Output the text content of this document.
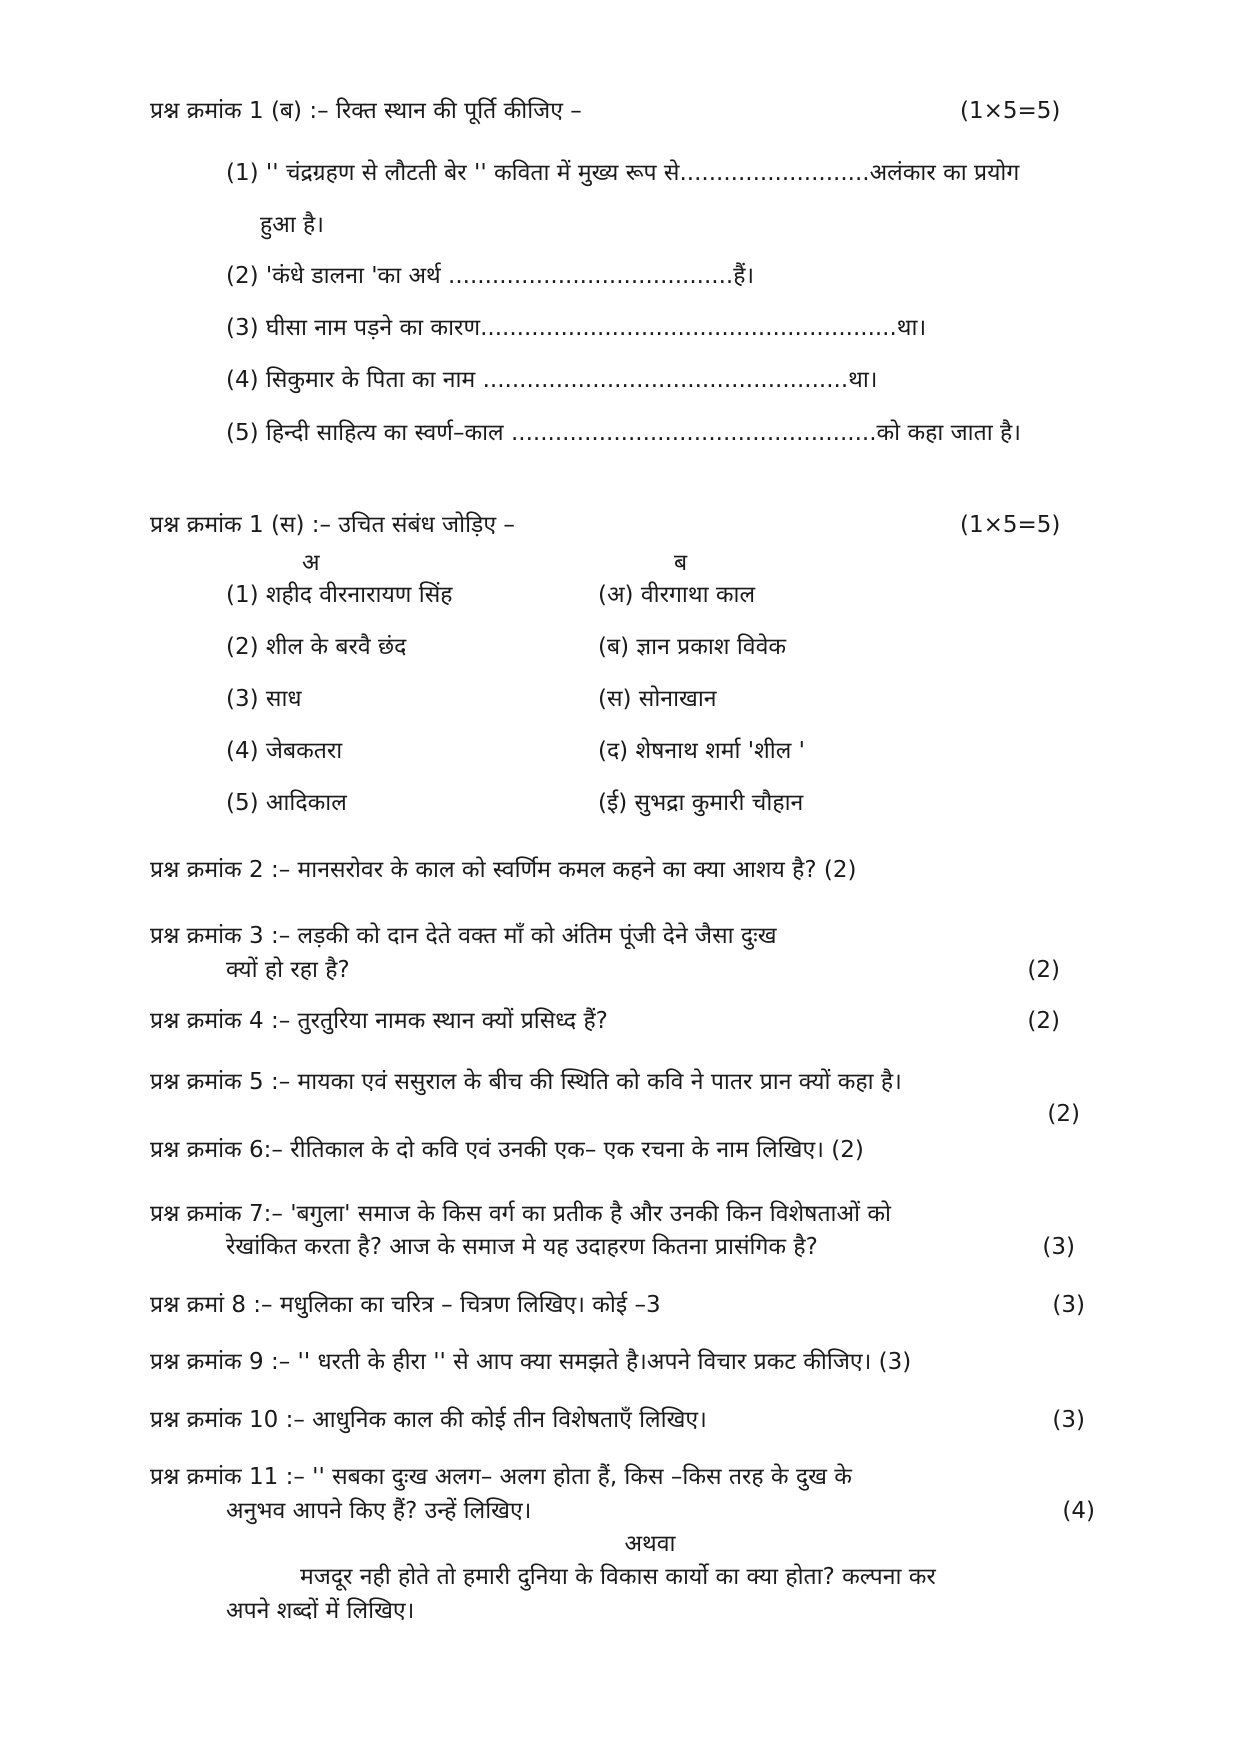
प्रश्न क्रमांक 1 (ब) :– रिक्त स्थान की पूर्ति कीजिए –	(1×5=5)
(1) '' चंद्रग्रहण से लौटती बेर '' कविता में मुख्य रूप से..........................अलंकार का प्रयोग
हुआ है।
(2) 'कंधे डालना 'का अर्थ .......................................हैं।
(3) घीसा नाम पड़ने का कारण.........................................................था।
(4) सिकुमार के पिता का नाम ..................................................था।
(5) हिन्दी साहित्य का स्वर्ण–काल ..................................................को कहा जाता है।
प्रश्न क्रमांक 1 (स) :– उचित संबंध जोड़िए –	(1×5=5)
अ	ब
(1) शहीद वीरनारायण सिंह	(अ) वीरगाथा काल
(2) शील के बरवै छंद	(ब) ज्ञान प्रकाश विवेक
(3) साध	(स) सोनाखान
(4) जेबकतरा	(द) शेषनाथ शर्मा 'शील '
(5) आदिकाल	(ई) सुभद्रा कुमारी चौहान
प्रश्न क्रमांक 2 :– मानसरोवर के काल को स्वर्णिम कमल कहने का क्या आशय है? (2)
प्रश्न क्रमांक 3 :– लड़की को दान देते वक्त माँ को अंतिम पूंजी देने जैसा दुःख
क्यों हो रहा है?	(2)
प्रश्न क्रमांक 4 :– तुरतुरिया नामक स्थान क्यों प्रसिध्द हैं?	(2)
प्रश्न क्रमांक 5 :– मायका एवं ससुराल के बीच की स्थिति को कवि ने पातर प्रान क्यों कहा है।
(2)
प्रश्न क्रमांक 6:– रीतिकाल के दो कवि एवं उनकी एक– एक रचना के नाम लिखिए। (2)
प्रश्न क्रमांक 7:– 'बगुला' समाज के किस वर्ग का प्रतीक है और उनकी किन विशेषताओं को
रेखांकित करता है? आज के समाज मे यह उदाहरण कितना प्रासंगिक है?	(3)
प्रश्न क्रमां 8 :– मधुलिका का चरित्र – चित्रण लिखिए। कोई –3	(3)
प्रश्न क्रमांक 9 :– '' धरती के हीरा '' से आप क्या समझते है।अपने विचार प्रकट कीजिए। (3)
प्रश्न क्रमांक 10 :– आधुनिक काल की कोई तीन विशेषताएँ लिखिए।	(3)
प्रश्न क्रमांक 11 :– '' सबका दुःख अलग– अलग होता हैं, किस –किस तरह के दुख के
अनुभव आपने किए हैं? उन्हें लिखिए।	(4)
अथवा
मजदूर नही होते तो हमारी दुनिया के विकास कार्यो का क्या होता? कल्पना कर
अपने शब्दों में लिखिए।
